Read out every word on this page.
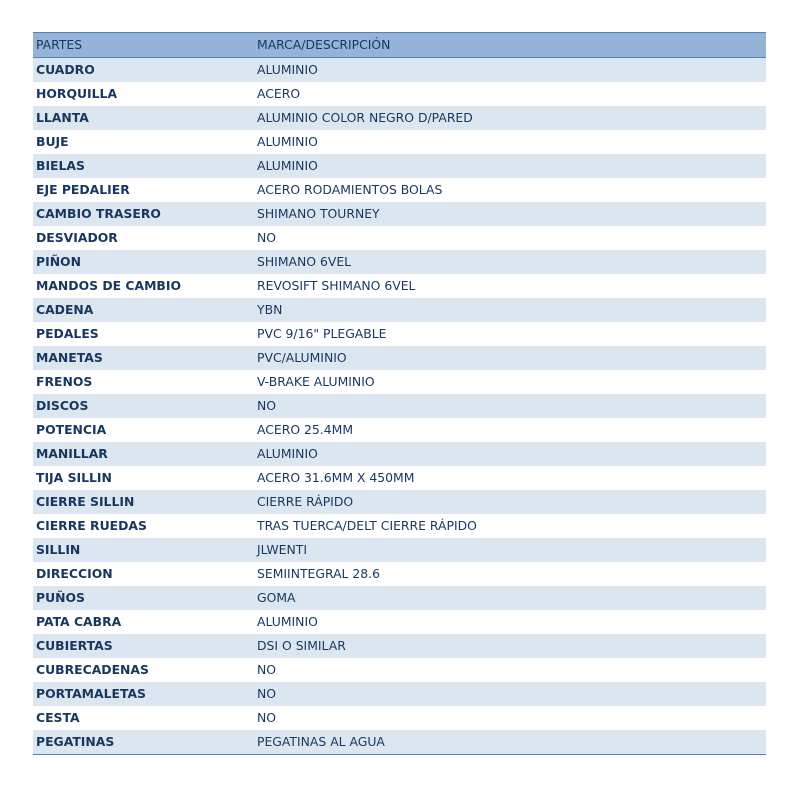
PARTES	MARCA/DESCRIPCIÓN
CUADRO	ALUMINIO
HORQUILLA	ACERO
LLANTA	ALUMINIO COLOR NEGRO D/PARED
BUJE	ALUMINIO
BIELAS	ALUMINIO
EJE PEDALIER	ACERO RODAMIENTOS BOLAS
CAMBIO TRASERO	SHIMANO TOURNEY
DESVIADOR	NO
PIÑON	SHIMANO 6VEL
MANDOS DE CAMBIO	REVOSIFT SHIMANO 6VEL
CADENA	YBN
PEDALES	PVC 9/16" PLEGABLE
MANETAS	PVC/ALUMINIO
FRENOS	V-BRAKE ALUMINIO
DISCOS	NO
POTENCIA	ACERO 25.4MM
MANILLAR	ALUMINIO
TIJA SILLIN	ACERO 31.6MM X 450MM
CIERRE SILLIN	CIERRE RÁPIDO
CIERRE RUEDAS	TRAS TUERCA/DELT CIERRE RÁPIDO
SILLIN	JLWENTI
DIRECCION	SEMIINTEGRAL 28.6
PUÑOS	GOMA
PATA CABRA	ALUMINIO
CUBIERTAS	DSI O SIMILAR
CUBRECADENAS	NO
PORTAMALETAS	NO
CESTA	NO
PEGATINAS	PEGATINAS AL AGUA
